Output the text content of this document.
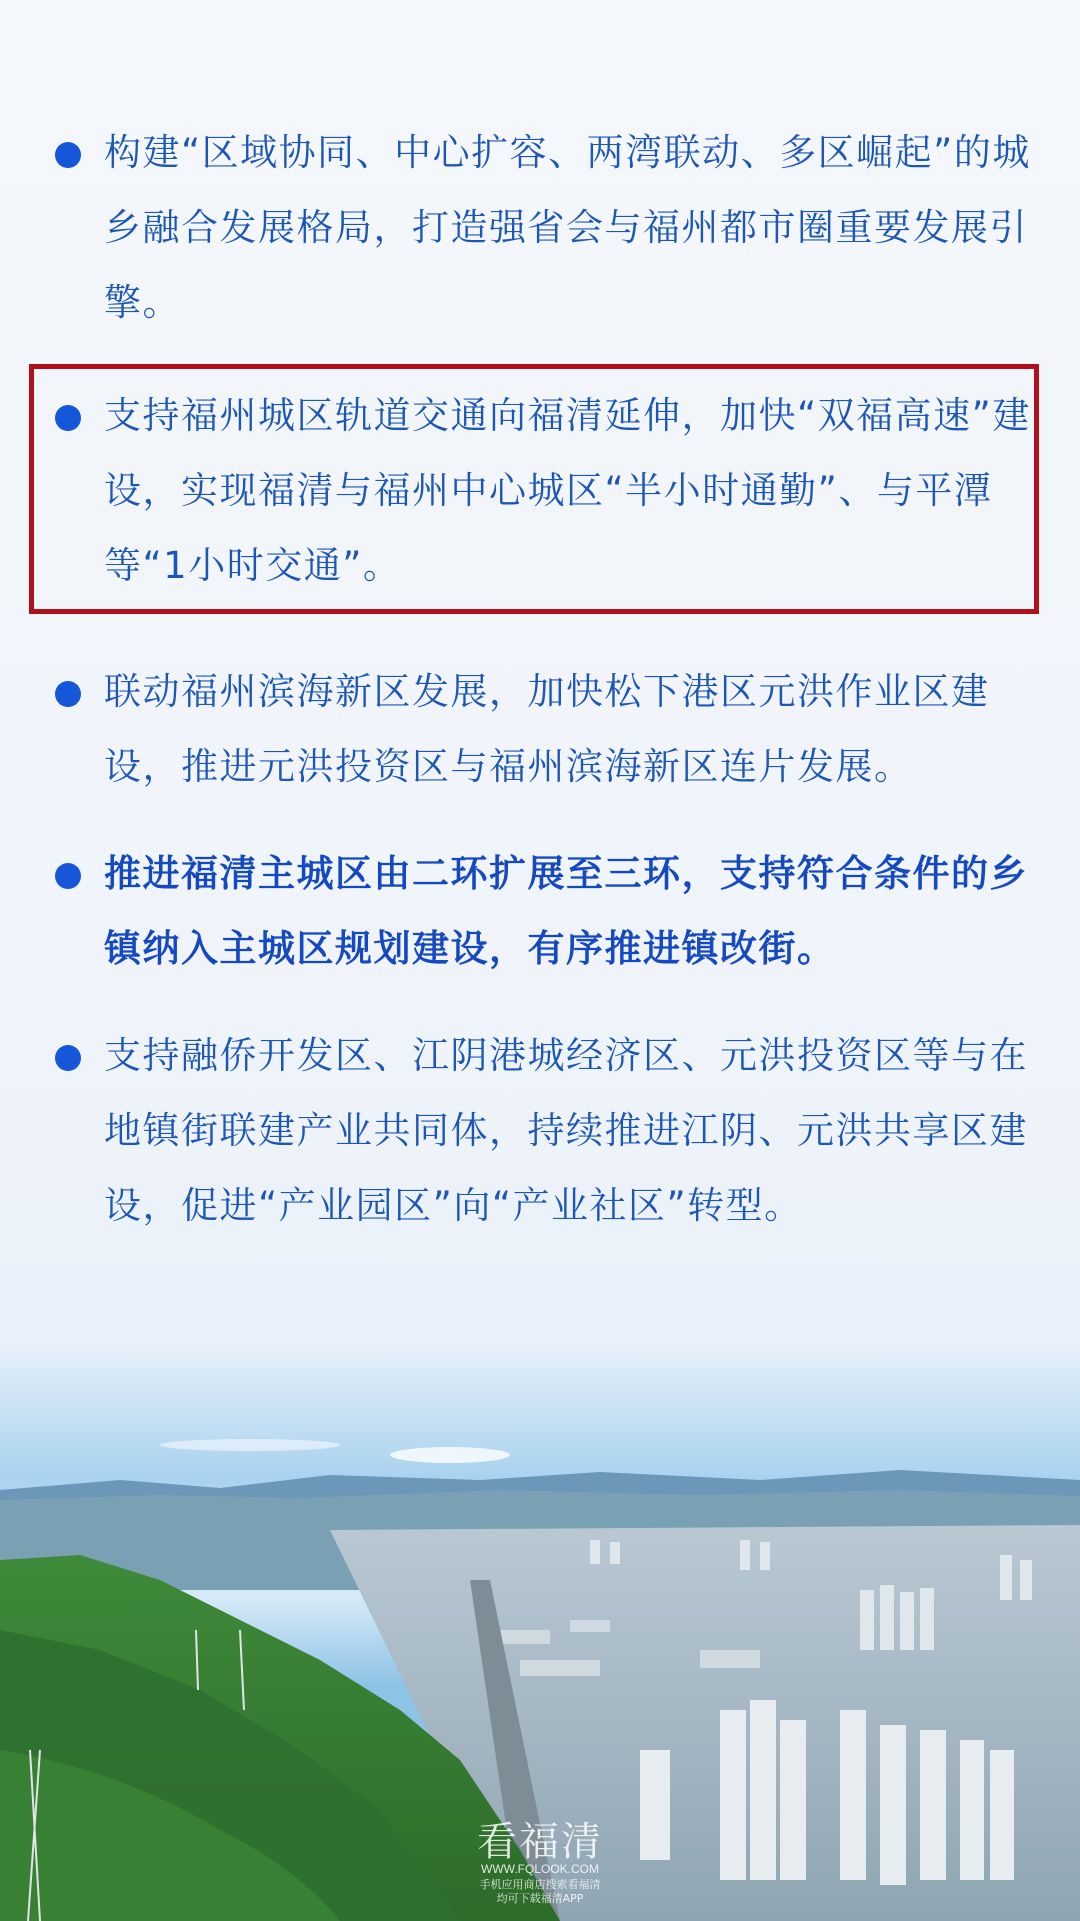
构建“区域协同、中心扩容、两湾联动、多区崛起”的城乡融合发展格局，打造强省会与福州都市圈重要发展引擎。
支持福州城区轨道交通向福清延伸，加快“双福高速”建设，实现福清与福州中心城区“半小时通勤”、与平潭等“1小时交通”。
联动福州滨海新区发展，加快松下港区元洪作业区建设，推进元洪投资区与福州滨海新区连片发展。
推进福清主城区由二环扩展至三环，支持符合条件的乡镇纳入主城区规划建设，有序推进镇改街。
支持融侨开发区、江阴港城经济区、元洪投资区等与在地镇街联建产业共同体，持续推进江阴、元洪共享区建设，促进“产业园区”向“产业社区”转型。
看福清
WWW.FQLOOK.COM
手机应用商店搜索看福清
均可下载福清APP
